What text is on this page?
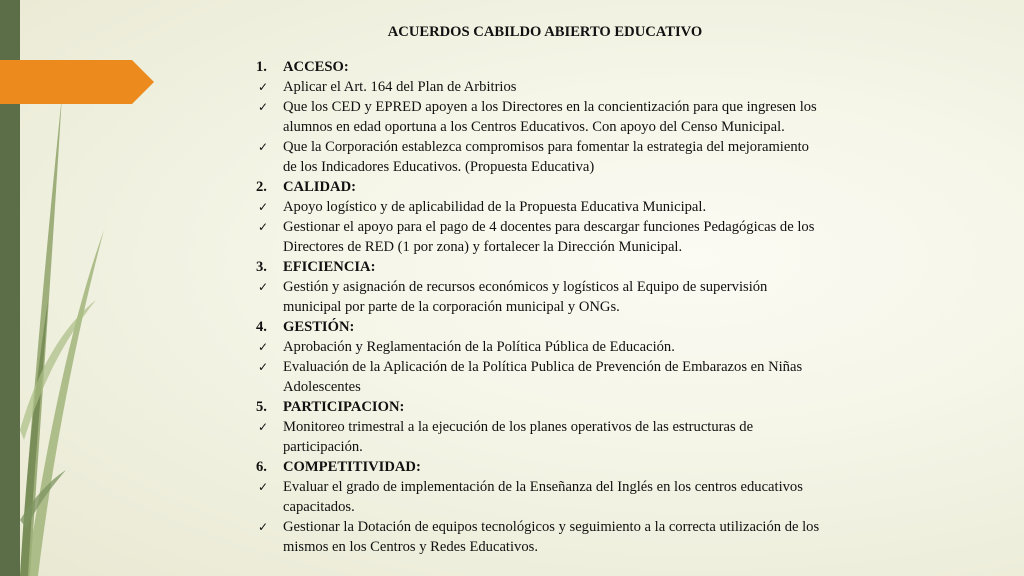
ACUERDOS CABILDO ABIERTO EDUCATIVO
1.	ACCESO:
✓	Aplicar el Art. 164 del Plan de Arbitrios
✓	Que los CED y EPRED apoyen a los Directores en la concientización para que ingresen los
alumnos en edad oportuna a los Centros Educativos. Con apoyo del Censo Municipal.
✓	Que la Corporación establezca compromisos para fomentar la estrategia del mejoramiento
de los Indicadores Educativos. (Propuesta Educativa)
2.	CALIDAD:
✓	Apoyo logístico y de aplicabilidad de la Propuesta Educativa Municipal.
✓	Gestionar el apoyo para el pago de 4 docentes para descargar funciones Pedagógicas de los
Directores de RED (1 por zona) y fortalecer la Dirección Municipal.
3.	EFICIENCIA:
✓	Gestión y asignación de recursos económicos y logísticos al Equipo de supervisión
municipal por parte de la corporación municipal y ONGs.
4.	GESTIÓN:
✓	Aprobación y Reglamentación de la Política Pública de Educación.
✓	Evaluación de la Aplicación de la Política Publica de Prevención de Embarazos en Niñas
Adolescentes
5.	PARTICIPACION:
✓	Monitoreo trimestral a la ejecución de los planes operativos de las estructuras de
participación.
6.	COMPETITIVIDAD:
✓	Evaluar el grado de implementación de la Enseñanza del Inglés en los centros educativos
capacitados.
✓	Gestionar la Dotación de equipos tecnológicos y seguimiento a la correcta utilización de los
mismos en los Centros y Redes Educativos.
